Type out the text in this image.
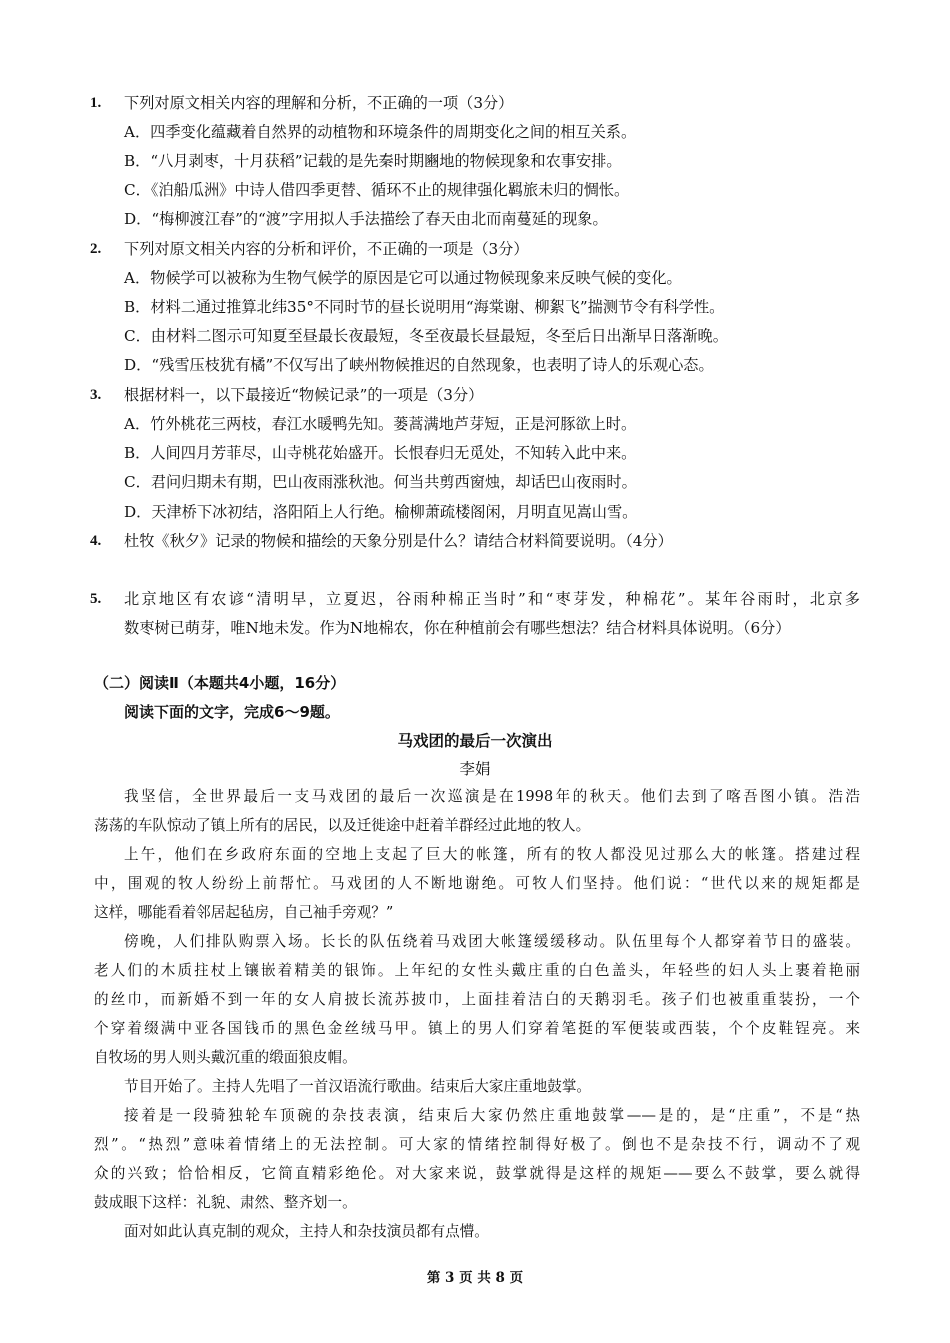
1. 下列对原文相关内容的理解和分析，不正确的一项（3分）
A．四季变化蕴藏着自然界的动植物和环境条件的周期变化之间的相互关系。
B．“八月剥枣，十月获稻”记载的是先秦时期豳地的物候现象和农事安排。
C．《泊船瓜洲》中诗人借四季更替、循环不止的规律强化羁旅未归的惆怅。
D．“梅柳渡江春”的“渡”字用拟人手法描绘了春天由北而南蔓延的现象。
2. 下列对原文相关内容的分析和评价，不正确的一项是（3分）
A．物候学可以被称为生物气候学的原因是它可以通过物候现象来反映气候的变化。
B．材料二通过推算北纬35°不同时节的昼长说明用“海棠谢、柳絮飞”揣测节令有科学性。
C．由材料二图示可知夏至昼最长夜最短，冬至夜最长昼最短，冬至后日出渐早日落渐晚。
D．“残雪压枝犹有橘”不仅写出了峡州物候推迟的自然现象，也表明了诗人的乐观心态。
3. 根据材料一，以下最接近“物候记录”的一项是（3分）
A．竹外桃花三两枝，春江水暖鸭先知。蒌蒿满地芦芽短，正是河豚欲上时。
B．人间四月芳菲尽，山寺桃花始盛开。长恨春归无觅处，不知转入此中来。
C．君问归期未有期，巴山夜雨涨秋池。何当共剪西窗烛，却话巴山夜雨时。
D．天津桥下冰初结，洛阳陌上人行绝。榆柳萧疏楼阁闲，月明直见嵩山雪。
4. 杜牧《秋夕》记录的物候和描绘的天象分别是什么？请结合材料简要说明。（4分）
5. 北京地区有农谚“清明早，立夏迟，谷雨种棉正当时”和“枣芽发，种棉花”。某年谷雨时，北京多
数枣树已萌芽，唯N地未发。作为N地棉农，你在种植前会有哪些想法？结合材料具体说明。（6分）
（二）阅读Ⅱ（本题共4小题，16分）
阅读下面的文字，完成6～9题。
马戏团的最后一次演出
李娟
我坚信，全世界最后一支马戏团的最后一次巡演是在1998年的秋天。他们去到了喀吾图小镇。浩浩
荡荡的车队惊动了镇上所有的居民，以及迁徙途中赶着羊群经过此地的牧人。
上午，他们在乡政府东面的空地上支起了巨大的帐篷，所有的牧人都没见过那么大的帐篷。搭建过程
中，围观的牧人纷纷上前帮忙。马戏团的人不断地谢绝。可牧人们坚持。他们说：“世代以来的规矩都是
这样，哪能看着邻居起毡房，自己袖手旁观？”
傍晚，人们排队购票入场。长长的队伍绕着马戏团大帐篷缓缓移动。队伍里每个人都穿着节日的盛装。
老人们的木质拄杖上镶嵌着精美的银饰。上年纪的女性头戴庄重的白色盖头，年轻些的妇人头上裹着艳丽
的丝巾，而新婚不到一年的女人肩披长流苏披巾，上面挂着洁白的天鹅羽毛。孩子们也被重重装扮，一个
个穿着缀满中亚各国钱币的黑色金丝绒马甲。镇上的男人们穿着笔挺的军便装或西装，个个皮鞋锃亮。来
自牧场的男人则头戴沉重的缎面狼皮帽。
节目开始了。主持人先唱了一首汉语流行歌曲。结束后大家庄重地鼓掌。
接着是一段骑独轮车顶碗的杂技表演，结束后大家仍然庄重地鼓掌——是的，是“庄重”，不是“热
烈”。“热烈”意味着情绪上的无法控制。可大家的情绪控制得好极了。倒也不是杂技不行，调动不了观
众的兴致；恰恰相反，它简直精彩绝伦。对大家来说，鼓掌就得是这样的规矩——要么不鼓掌，要么就得
鼓成眼下这样：礼貌、肃然、整齐划一。
面对如此认真克制的观众，主持人和杂技演员都有点懵。
第 3 页 共 8 页
